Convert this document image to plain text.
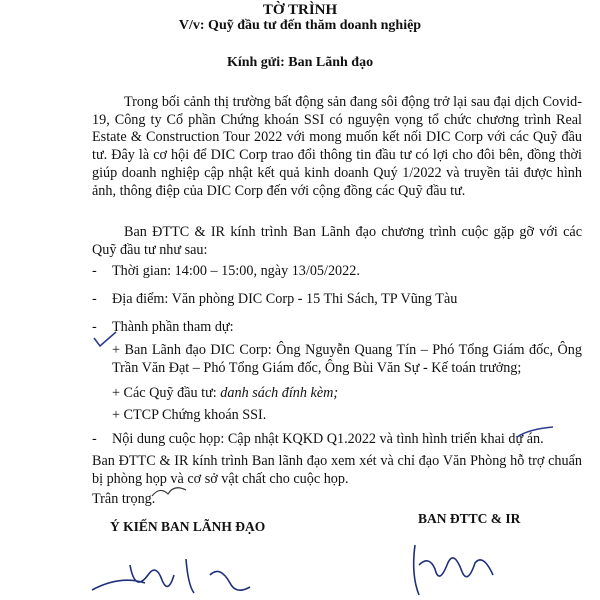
TỜ TRÌNH
V/v: Quỹ đầu tư đến thăm doanh nghiệp
Kính gửi: Ban Lãnh đạo
Trong bối cảnh thị trường bất động sản đang sôi động trở lại sau đại dịch Covid-19, Công ty Cổ phần Chứng khoán SSI có nguyện vọng tổ chức chương trình Real Estate & Construction Tour 2022 với mong muốn kết nối DIC Corp với các Quỹ đầu tư. Đây là cơ hội để DIC Corp trao đổi thông tin đầu tư có lợi cho đôi bên, đồng thời giúp doanh nghiệp cập nhật kết quả kinh doanh Quý 1/2022 và truyền tải được hình ảnh, thông điệp của DIC Corp đến với cộng đồng các Quỹ đầu tư.
Ban ĐTTC & IR kính trình Ban Lãnh đạo chương trình cuộc gặp gỡ với các Quỹ đầu tư như sau:
- Thời gian: 14:00 – 15:00, ngày 13/05/2022.
- Địa điểm: Văn phòng DIC Corp - 15 Thi Sách, TP Vũng Tàu
- Thành phần tham dự:
+ Ban Lãnh đạo DIC Corp: Ông Nguyễn Quang Tín – Phó Tổng Giám đốc, Ông Trần Văn Đạt – Phó Tổng Giám đốc, Ông Bùi Văn Sự - Kế toán trưởng;
+ Các Quỹ đầu tư: danh sách đính kèm;
+ CTCP Chứng khoán SSI.
- Nội dung cuộc họp: Cập nhật KQKD Q1.2022 và tình hình triển khai dự án.
Ban ĐTTC & IR kính trình Ban lãnh đạo xem xét và chỉ đạo Văn Phòng hỗ trợ chuẩn bị phòng họp và cơ sở vật chất cho cuộc họp.
Trân trọng.
Ý KIẾN BAN LÃNH ĐẠO
BAN ĐTTC & IR
